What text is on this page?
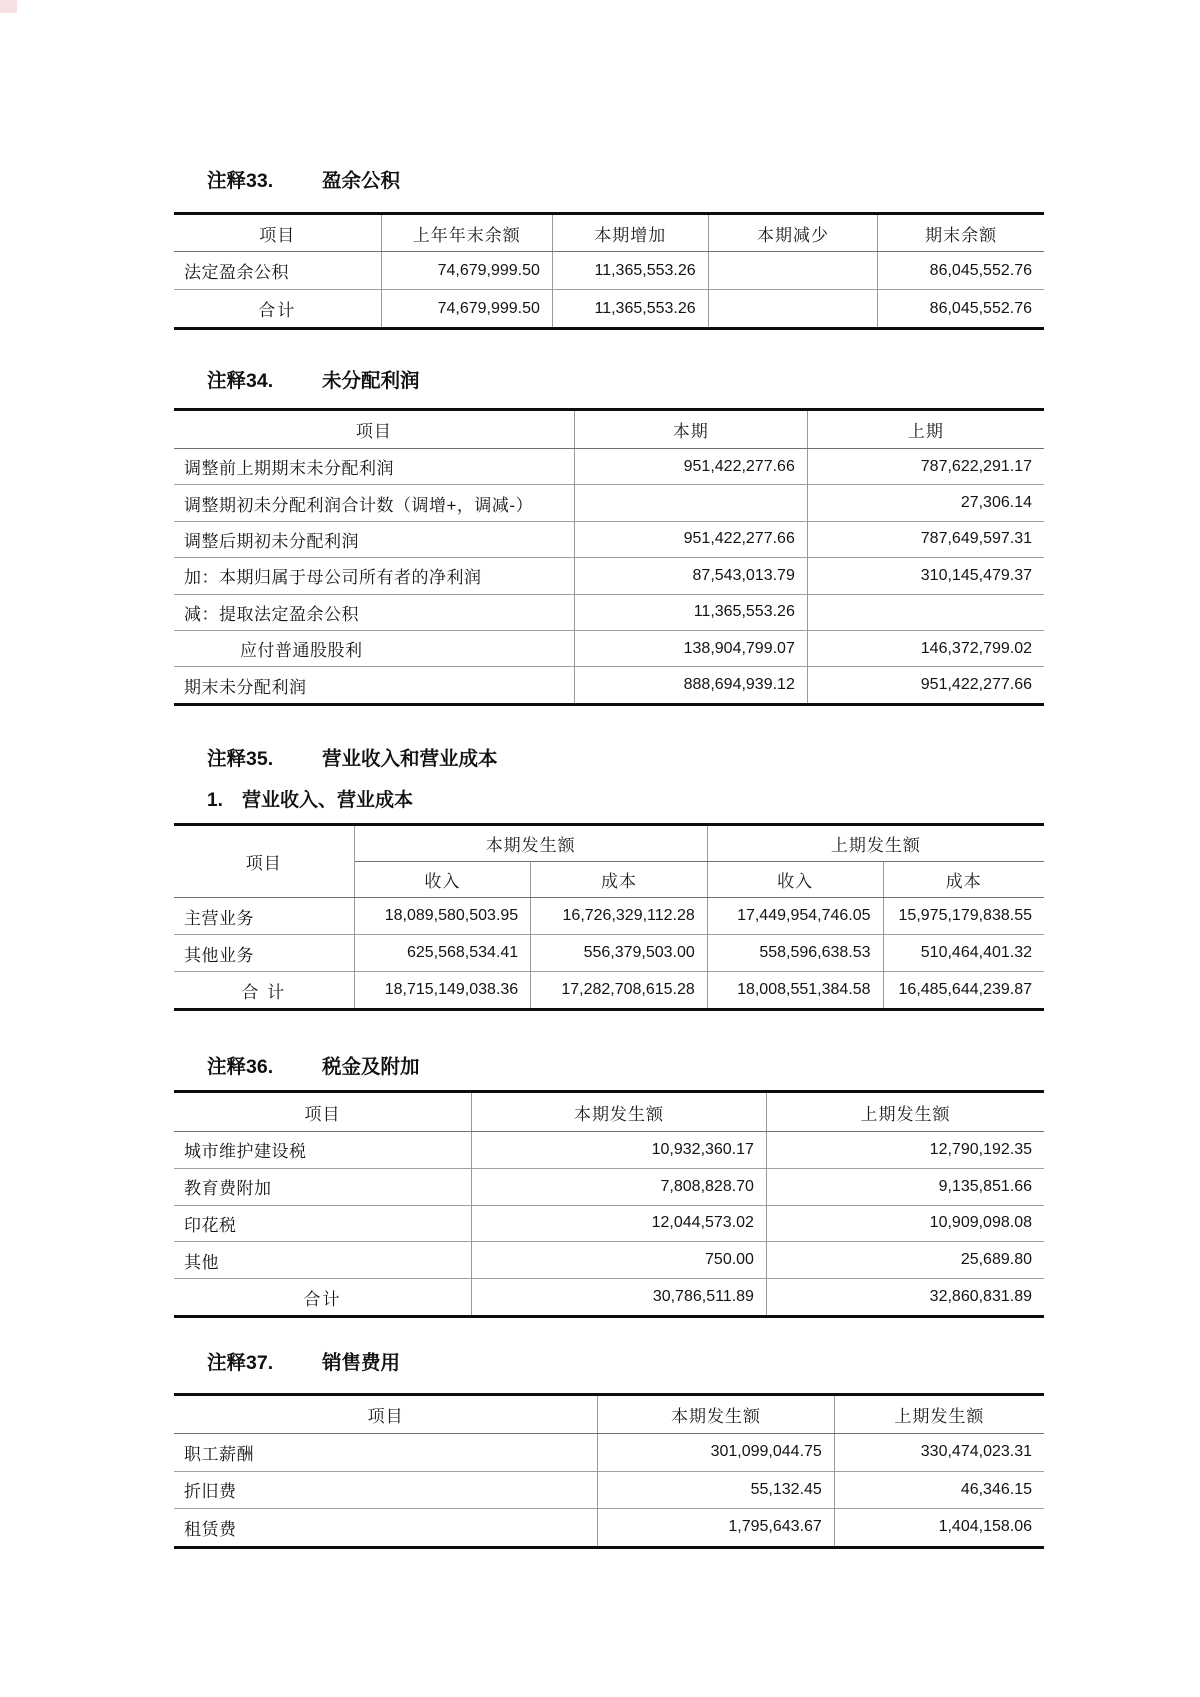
注释33.	盈余公积
项目	上年年末余额	本期增加	本期减少	期末余额
法定盈余公积	74,679,999.50	11,365,553.26		86,045,552.76
合计	74,679,999.50	11,365,553.26		86,045,552.76
注释34.	未分配利润
项目	本期	上期
调整前上期期末未分配利润	951,422,277.66	787,622,291.17
调整期初未分配利润合计数（调增+，调减-）		27,306.14
调整后期初未分配利润	951,422,277.66	787,649,597.31
加：本期归属于母公司所有者的净利润	87,543,013.79	310,145,479.37
减：提取法定盈余公积	11,365,553.26	
应付普通股股利	138,904,799.07	146,372,799.02
期末未分配利润	888,694,939.12	951,422,277.66
注释35.	营业收入和营业成本
1. 营业收入、营业成本
项目	本期发生额		上期发生额	
	收入	成本	收入	成本
主营业务	18,089,580,503.95	16,726,329,112.28	17,449,954,746.05	15,975,179,838.55
其他业务	625,568,534.41	556,379,503.00	558,596,638.53	510,464,401.32
合 计	18,715,149,038.36	17,282,708,615.28	18,008,551,384.58	16,485,644,239.87
注释36.	税金及附加
项目	本期发生额	上期发生额
城市维护建设税	10,932,360.17	12,790,192.35
教育费附加	7,808,828.70	9,135,851.66
印花税	12,044,573.02	10,909,098.08
其他	750.00	25,689.80
合计	30,786,511.89	32,860,831.89
注释37.	销售费用
项目	本期发生额	上期发生额
职工薪酬	301,099,044.75	330,474,023.31
折旧费	55,132.45	46,346.15
租赁费	1,795,643.67	1,404,158.06
